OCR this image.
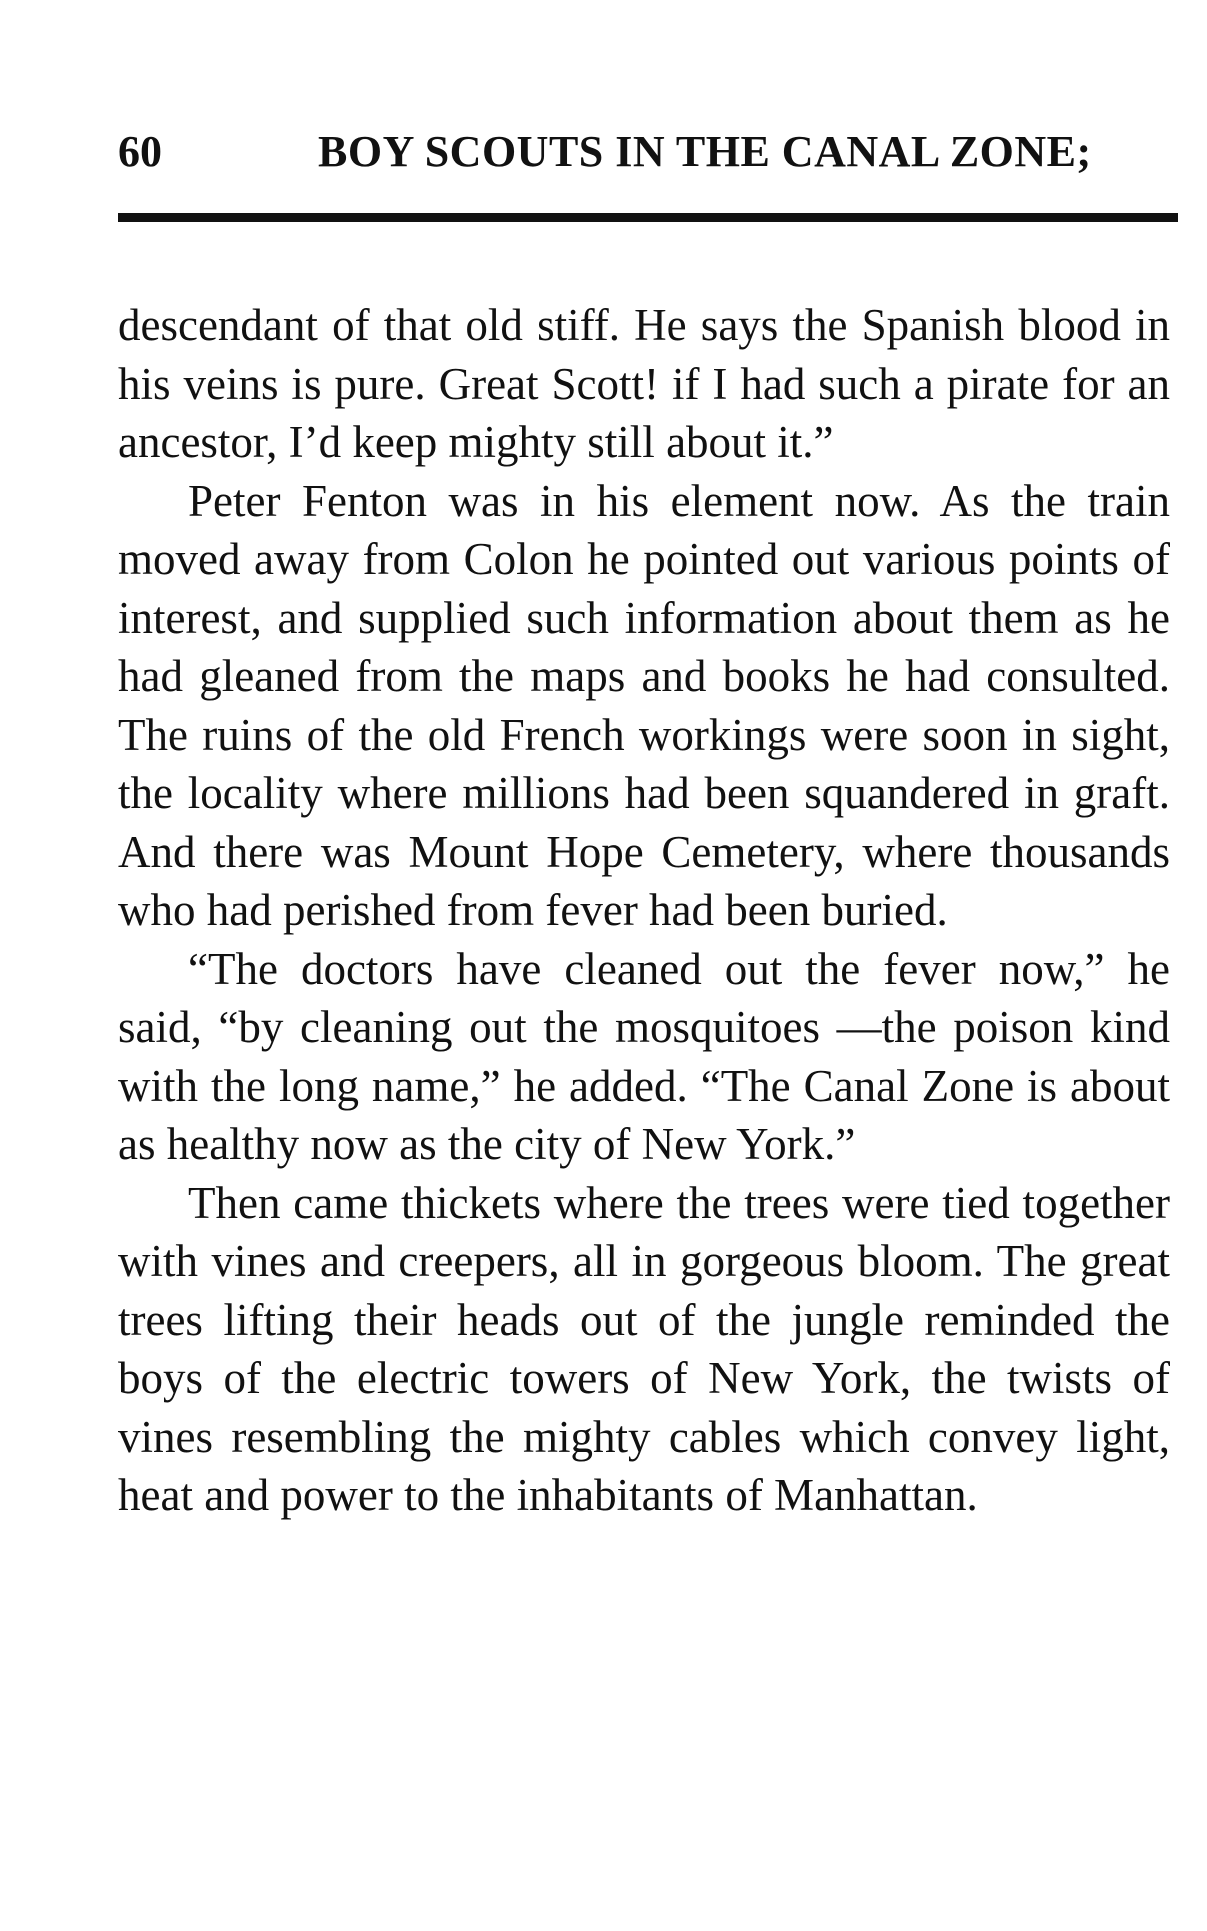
60	BOY SCOUTS IN THE CANAL ZONE;

descendant of that old stiff. He says the Spanish blood in his veins is pure. Great Scott! if I had such a pirate for an ancestor, I’d keep mighty still about it.”

Peter Fenton was in his element now. As the train moved away from Colon he pointed out various points of interest, and supplied such information about them as he had gleaned from the maps and books he had consulted. The ruins of the old French workings were soon in sight, the locality where millions had been squandered in graft. And there was Mount Hope Cemetery, where thousands who had perished from fever had been buried.

“The doctors have cleaned out the fever now,” he said, “by cleaning out the mosquitoes —the poison kind with the long name,” he added. “The Canal Zone is about as healthy now as the city of New York.”

Then came thickets where the trees were tied together with vines and creepers, all in gorgeous bloom. The great trees lifting their heads out of the jungle reminded the boys of the electric towers of New York, the twists of vines resembling the mighty cables which convey light, heat and power to the inhabitants of Manhattan.
